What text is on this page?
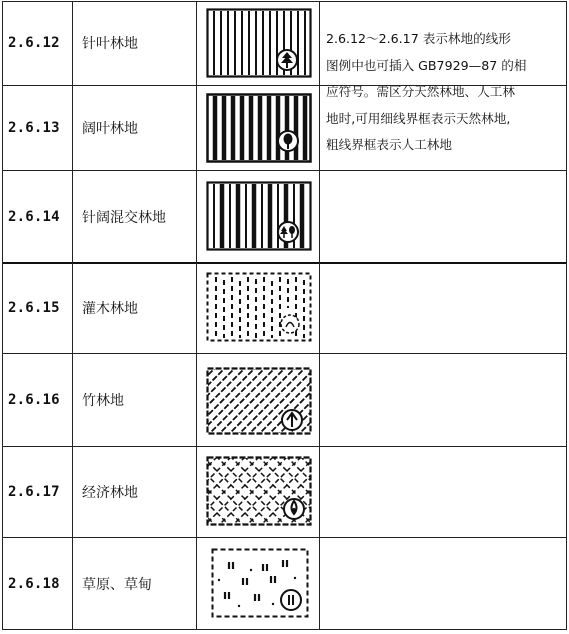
2.6.12	针叶林地	2.6.12～2.6.17 表示林地的线形
图例中也可插入 GB7929—87 的相
应符号。需区分天然林地、人工林
地时,可用细线界框表示天然林地,
粗线界框表示人工林地
2.6.13	阔叶林地
2.6.14	针阔混交林地
2.6.15	灌木林地
2.6.16	竹林地
2.6.17	经济林地
2.6.18	草原、草甸
